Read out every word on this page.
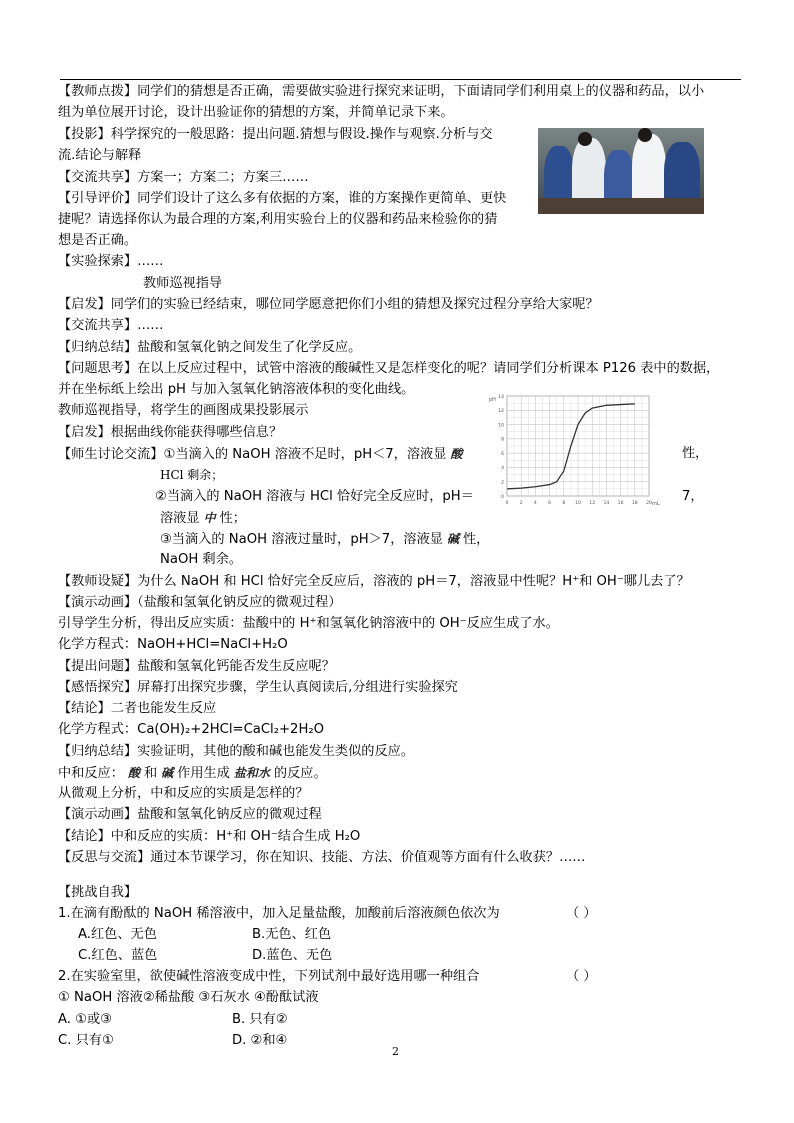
【教师点拨】同学们的猜想是否正确，需要做实验进行探究来证明，下面请同学们利用桌上的仪器和药品，以小
组为单位展开讨论，设计出验证你的猜想的方案，并简单记录下来。
【投影】科学探究的一般思路：提出问题.猜想与假设.操作与观察.分析与交
流.结论与解释
【交流共享】方案一；方案二；方案三……
【引导评价】同学们设计了这么多有依据的方案，谁的方案操作更简单、更快
捷呢？请选择你认为最合理的方案,利用实验台上的仪器和药品来检验你的猜
想是否正确。
【实验探索】……
教师巡视指导
【启发】同学们的实验已经结束，哪位同学愿意把你们小组的猜想及探究过程分享给大家呢？
【交流共享】……
【归纳总结】盐酸和氢氧化钠之间发生了化学反应。
【问题思考】在以上反应过程中，试管中溶液的酸碱性又是怎样变化的呢？请同学们分析课本 P126 表中的数据，
并在坐标纸上绘出 pH 与加入氢氧化钠溶液体积的变化曲线。
教师巡视指导，将学生的画图成果投影展示
【启发】根据曲线你能获得哪些信息？
【师生讨论交流】①当滴入的 NaOH 溶液不足时，pH＜7，溶液显 酸	性，
HCl 剩余；
②当滴入的 NaOH 溶液与 HCl 恰好完全反应时，pH＝	7，
溶液显 中 性；
③当滴入的 NaOH 溶液过量时，pH＞7，溶液显 碱 性，
NaOH 剩余。
【教师设疑】为什么 NaOH 和 HCl 恰好完全反应后，溶液的 pH＝7，溶液显中性呢？H⁺和 OH⁻哪儿去了？
【演示动画】（盐酸和氢氧化钠反应的微观过程）
引导学生分析，得出反应实质：盐酸中的 H⁺和氢氧化钠溶液中的 OH⁻反应生成了水。
化学方程式：NaOH+HCl=NaCl+H₂O
【提出问题】盐酸和氢氧化钙能否发生反应呢？
【感悟探究】屏幕打出探究步骤，学生认真阅读后,分组进行实验探究
【结论】二者也能发生反应
化学方程式：Ca(OH)₂+2HCl=CaCl₂+2H₂O
【归纳总结】实验证明，其他的酸和碱也能发生类似的反应。
中和反应： 酸 和 碱 作用生成 盐和水 的反应。
从微观上分析，中和反应的实质是怎样的？
【演示动画】盐酸和氢氧化钠反应的微观过程
【结论】中和反应的实质：H⁺和 OH⁻结合生成 H₂O
【反思与交流】通过本节课学习，你在知识、技能、方法、价值观等方面有什么收获？……
【挑战自我】
1.在滴有酚酞的 NaOH 稀溶液中，加入足量盐酸，加酸前后溶液颜色依次为	（ ）
A.红色、无色	B.无色、红色
C.红色、蓝色	D.蓝色、无色
2.在实验室里，欲使碱性溶液变成中性，下列试剂中最好选用哪一种组合	（ ）
① NaOH 溶液②稀盐酸 ③石灰水 ④酚酞试液
A. ①或③	B. 只有②
C. 只有①	D. ②和④
0
2
4
6
8
10
12
14
0 2 4 6 8 10 12 14 16 18 20
pH
mL
2
